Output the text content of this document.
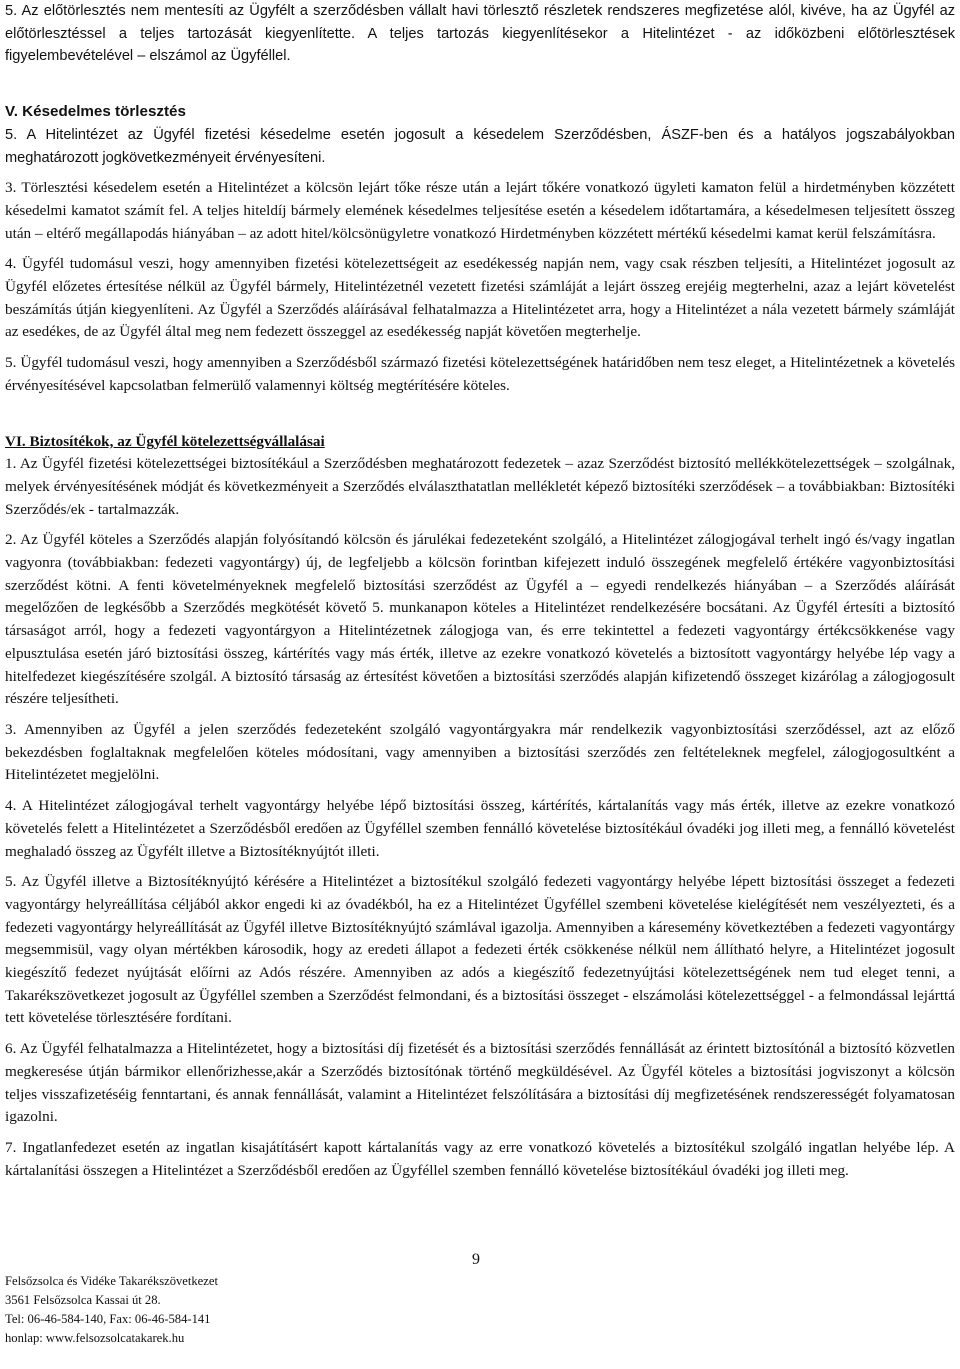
5. Az előtörlesztés nem mentesíti az Ügyfélt a szerződésben vállalt havi törlesztő részletek rendszeres megfizetése alól, kivéve, ha az Ügyfél az előtörlesztéssel a teljes tartozását kiegyenlítette. A teljes tartozás kiegyenlítésekor a Hitelintézet - az időközbeni előtörlesztések figyelembevételével – elszámol az Ügyféllel.

V. Késedelmes törlesztés

5. A Hitelintézet az Ügyfél fizetési késedelme esetén jogosult a késedelem Szerződésben, ÁSZF-ben és a hatályos jogszabályokban meghatározott jogkövetkezményeit érvényesíteni.

3. Törlesztési késedelem esetén a Hitelintézet a kölcsön lejárt tőke része után a lejárt tőkére vonatkozó ügyleti kamaton felül a hirdetményben közzétett késedelmi kamatot számít fel. A teljes hiteldíj bármely elemének késedelmes teljesítése esetén a késedelem időtartamára, a késedelmesen teljesített összeg után – eltérő megállapodás hiányában – az adott hitel/kölcsönügyletre vonatkozó Hirdetményben közzétett mértékű késedelmi kamat kerül felszámításra.

4. Ügyfél tudomásul veszi, hogy amennyiben fizetési kötelezettségeit az esedékesség napján nem, vagy csak részben teljesíti, a Hitelintézet jogosult az Ügyfél előzetes értesítése nélkül az Ügyfél bármely, Hitelintézetnél vezetett fizetési számláját a lejárt összeg erejéig megterhelni, azaz a lejárt követelést beszámítás útján kiegyenlíteni. Az Ügyfél a Szerződés aláírásával felhatalmazza a Hitelintézetet arra, hogy a Hitelintézet a nála vezetett bármely számláját az esedékes, de az Ügyfél által meg nem fedezett összeggel az esedékesség napját követően megterhelje.

5. Ügyfél tudomásul veszi, hogy amennyiben a Szerződésből származó fizetési kötelezettségének határidőben nem tesz eleget, a Hitelintézetnek a követelés érvényesítésével kapcsolatban felmerülő valamennyi költség megtérítésére köteles.

VI. Biztosítékok, az Ügyfél kötelezettségvállalásai

1. Az Ügyfél fizetési kötelezettségei biztosítékául a Szerződésben meghatározott fedezetek – azaz Szerződést biztosító mellékkötelezettségek – szolgálnak, melyek érvényesítésének módját és következményeit a Szerződés elválaszthatatlan mellékletét képező biztosítéki szerződések – a továbbiakban: Biztosítéki Szerződés/ek - tartalmazzák.

2. Az Ügyfél köteles a Szerződés alapján folyósítandó kölcsön és járulékai fedezeteként szolgáló, a Hitelintézet zálogjogával terhelt ingó és/vagy ingatlan vagyonra (továbbiakban: fedezeti vagyontárgy) új, de legfeljebb a kölcsön forintban kifejezett induló összegének megfelelő értékére vagyonbiztosítási szerződést kötni. A fenti követelményeknek megfelelő biztosítási szerződést az Ügyfél a – egyedi rendelkezés hiányában – a Szerződés aláírását megelőzően de legkésőbb a Szerződés megkötését követő 5. munkanapon köteles a Hitelintézet rendelkezésére bocsátani. Az Ügyfél értesíti a biztosító társaságot arról, hogy a fedezeti vagyontárgyon a Hitelintézetnek zálogjoga van, és erre tekintettel a fedezeti vagyontárgy értékcsökkenése vagy elpusztulása esetén járó biztosítási összeg, kártérítés vagy más érték, illetve az ezekre vonatkozó követelés a biztosított vagyontárgy helyébe lép vagy a hitelfedezet kiegészítésére szolgál. A biztosító társaság az értesítést követően a biztosítási szerződés alapján kifizetendő összeget kizárólag a zálogjogosult részére teljesítheti.

3. Amennyiben az Ügyfél a jelen szerződés fedezeteként szolgáló vagyontárgyakra már rendelkezik vagyonbiztosítási szerződéssel, azt az előző bekezdésben foglaltaknak megfelelően köteles módosítani, vagy amennyiben a biztosítási szerződés zen feltételeknek megfelel, zálogjogosultként a Hitelintézetet megjelölni.

4. A Hitelintézet zálogjogával terhelt vagyontárgy helyébe lépő biztosítási összeg, kártérítés, kártalanítás vagy más érték, illetve az ezekre vonatkozó követelés felett a Hitelintézetet a Szerződésből eredően az Ügyféllel szemben fennálló követelése biztosítékául óvadéki jog illeti meg, a fennálló követelést meghaladó összeg az Ügyfélt illetve a Biztosítéknyújtót illeti.

5. Az Ügyfél illetve a Biztosítéknyújtó kérésére a Hitelintézet a biztosítékul szolgáló fedezeti vagyontárgy helyébe lépett biztosítási összeget a fedezeti vagyontárgy helyreállítása céljából akkor engedi ki az óvadékból, ha ez a Hitelintézet Ügyféllel szembeni követelése kielégítését nem veszélyezteti, és a fedezeti vagyontárgy helyreállítását az Ügyfél illetve Biztosítéknyújtó számlával igazolja. Amennyiben a káresemény következtében a fedezeti vagyontárgy megsemmisül, vagy olyan mértékben károsodik, hogy az eredeti állapot a fedezeti érték csökkenése nélkül nem állítható helyre, a Hitelintézet jogosult kiegészítő fedezet nyújtását előírni az Adós részére. Amennyiben az adós a kiegészítő fedezetnyújtási kötelezettségének nem tud eleget tenni, a Takarékszövetkezet jogosult az Ügyféllel szemben a Szerződést felmondani, és a biztosítási összeget - elszámolási kötelezettséggel - a felmondással lejárttá tett követelése törlesztésére fordítani.

6. Az Ügyfél felhatalmazza a Hitelintézetet, hogy a biztosítási díj fizetését és a biztosítási szerződés fennállását az érintett biztosítónál a biztosító közvetlen megkeresése útján bármikor ellenőrizhesse,akár a Szerződés biztosítónak történő megküldésével. Az Ügyfél köteles a biztosítási jogviszonyt a kölcsön teljes visszafizetéséig fenntartani, és annak fennállását, valamint a Hitelintézet felszólítására a biztosítási díj megfizetésének rendszerességét folyamatosan igazolni.

7. Ingatlanfedezet esetén az ingatlan kisajátításért kapott kártalanítás vagy az erre vonatkozó követelés a biztosítékul szolgáló ingatlan helyébe lép. A kártalanítási összegen a Hitelintézet a Szerződésből eredően az Ügyféllel szemben fennálló követelése biztosítékául óvadéki jog illeti meg.

9
Felsőzsolca és Vidéke Takarékszövetkezet
3561 Felsőzsolca Kassai út 28.
Tel: 06-46-584-140, Fax: 06-46-584-141
honlap: www.felsozsolcatakarek.hu
